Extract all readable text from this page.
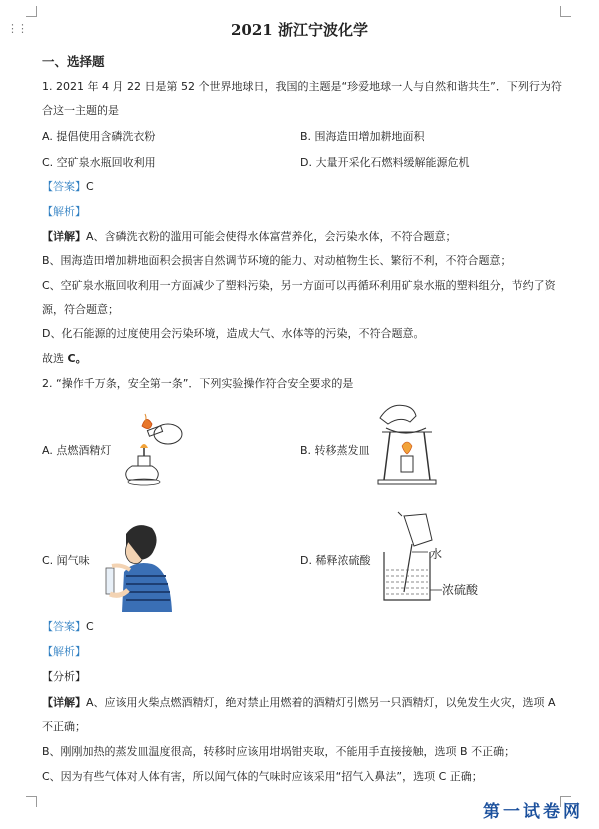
⋮⋮	2021 浙江宁波化学
一、选择题
1. 2021 年 4 月 22 日是第 52 个世界地球日，我国的主题是“珍爱地球一人与自然和谐共生”．下列行为符
合这一主题的是
A. 提倡使用含磷洗衣粉	B. 围海造田增加耕地面积
C. 空矿泉水瓶回收利用	D. 大量开采化石燃料缓解能源危机
【答案】C
【解析】
【详解】A、含磷洗衣粉的滥用可能会使得水体富营养化，会污染水体，不符合题意；
B、围海造田增加耕地面积会损害自然调节环境的能力、对动植物生长、繁衍不利，不符合题意；
C、空矿泉水瓶回收利用一方面减少了塑料污染，另一方面可以再循环利用矿泉水瓶的塑料组分，节约了资
源，符合题意；
D、化石能源的过度使用会污染环境，造成大气、水体等的污染，不符合题意。
故选 C。
2. “操作千万条，安全第一条”．下列实验操作符合安全要求的是
A. 点燃酒精灯	B. 转移蒸发皿
C. 闻气味	D. 稀释浓硫酸	水
浓硫酸
【答案】C
【解析】
【分析】
【详解】A、应该用火柴点燃酒精灯，绝对禁止用燃着的酒精灯引燃另一只酒精灯，以免发生火灾，选项 A
不正确；
B、刚刚加热的蒸发皿温度很高，转移时应该用坩埚钳夹取，不能用手直接接触，选项 B 不正确；
C、因为有些气体对人体有害，所以闻气体的气味时应该采用“招气入鼻法”，选项 C 正确；
第一试卷网
